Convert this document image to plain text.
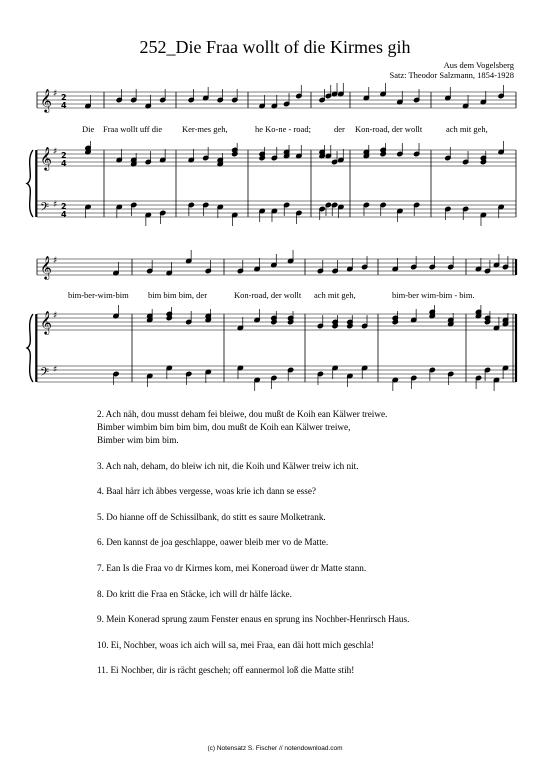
252_Die Fraa wollt of die Kirmes gih
Aus dem Vogelsberg
Satz: Theodor Salzmann, 1854-1928
𝄞 ♯ 2
4
𝄞 ♯ 2
4
𝄢 ♯ 2
4
𝄞 ♯
𝄞 ♯
𝄢 ♯
Die Fraa wollt uff die Ker-mes geh,	he Ko-ne - road;	der Kon-road, der wollt	ach mit geh,
bim-ber-wim-bim bim bim bim, der	Kon-road, der wollt ach mit geh,	bim-ber wim-bim - bim.
2. Ach näh, dou musst deham fei bleiwe, dou mußt de Koih ean Kälwer treiwe.
Bimber wimbim bim bim bim, dou mußt de Koih ean Kälwer treiwe,
Bimber wim bim bim.
3. Ach nah, deham, do bleiw ich nit, die Koih und Kälwer treiw ich nit.
4. Baal härr ich äbbes vergesse, woas krie ich dann se esse?
5. Do hianne off de Schissilbank, do stitt es saure Molketrank.
6. Den kannst de joa geschlappe, oawer bleib mer vo de Matte.
7. Ean Is die Fraa vo dr Kirmes kom, mei Koneroad üwer dr Matte stann.
8. Do kritt die Fraa en Stäcke, ich will dr hälfe läcke.
9. Mein Konerad sprung zaum Fenster enaus en sprung ins Nochber-Henrirsch Haus.
10. Ei, Nochber, woas ich aich will sa, mei Fraa, ean däi hott mich geschla!
11. Ei Nochber, dir is rächt gescheh; off eannermol loß die Matte stih!
(c) Notensatz S. Fischer // notendownload.com
